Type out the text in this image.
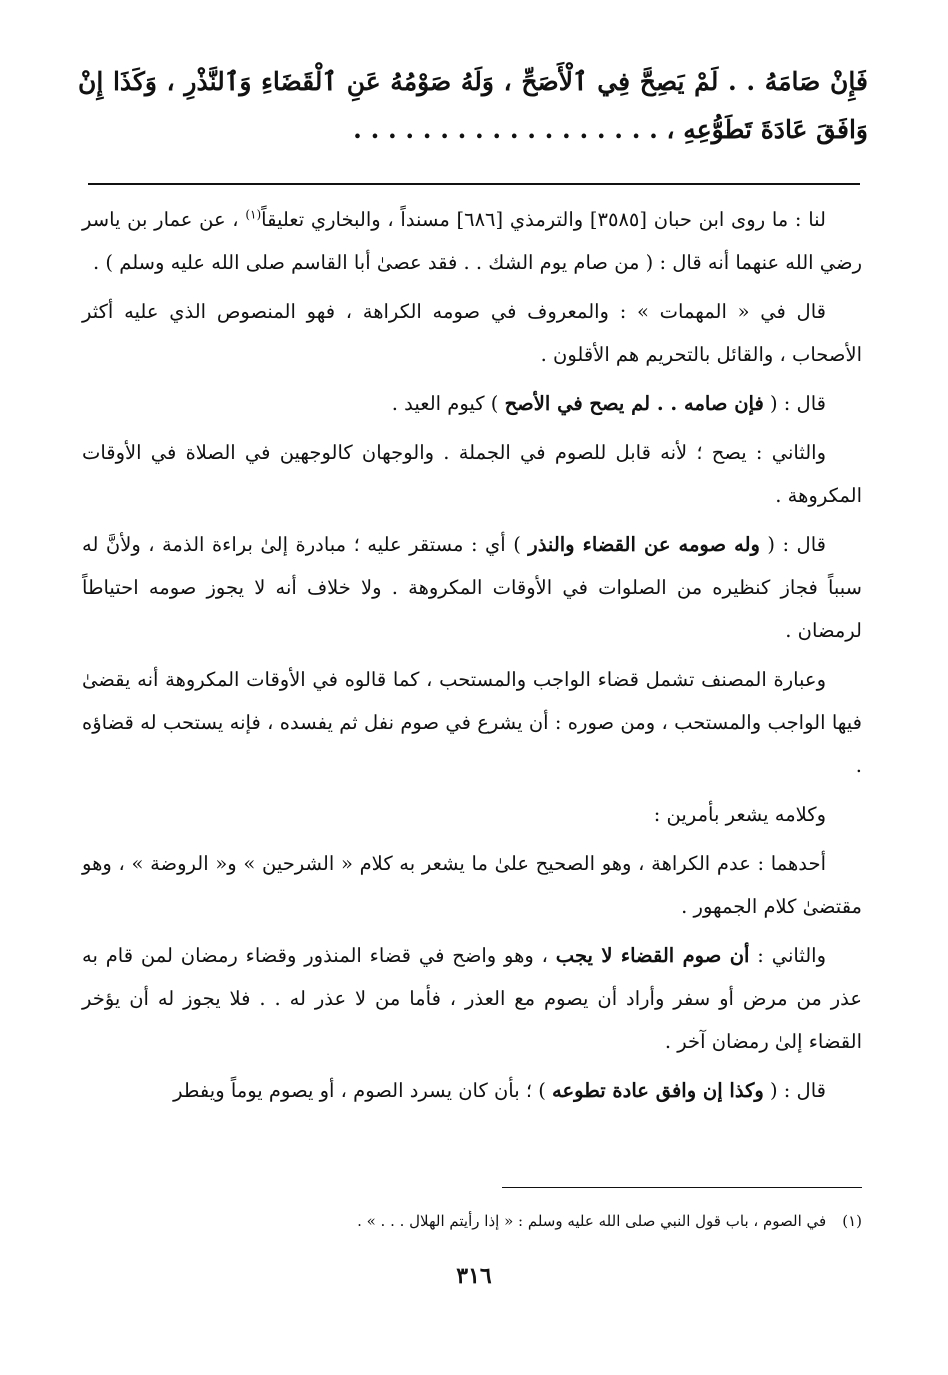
فَإِنْ صَامَهُ . . لَمْ يَصِحَّ فِي ٱلْأَصَحِّ ، وَلَهُ صَوْمُهُ عَنِ ٱلْقَضَاءِ وَٱلنَّذْرِ ، وَكَذَا إِنْ وَافَقَ عَادَةَ تَطَوُّعِهِ ، . . . . . . . . . . . . . . . . . .

لنا : ما روى ابن حبان [٣٥٨٥] والترمذي [٦٨٦] مسنداً ، والبخاري تعليقاً$^{(١)}$ ، عن عمار بن ياسر رضي الله عنهما أنه قال : ( من صام يوم الشك . . فقد عصىٰ أبا القاسم صلى الله عليه وسلم ) .

قال في « المهمات » : والمعروف في صومه الكراهة ، فهو المنصوص الذي عليه أكثر الأصحاب ، والقائل بالتحريم هم الأقلون .

قال : ( فإن صامه . . لم يصح في الأصح ) كيوم العيد .

والثاني : يصح ؛ لأنه قابل للصوم في الجملة . والوجهان كالوجهين في الصلاة في الأوقات المكروهة .

قال : ( وله صومه عن القضاء والنذر ) أي : مستقر عليه ؛ مبادرة إلىٰ براءة الذمة ، ولأنَّ له سبباً فجاز كنظيره من الصلوات في الأوقات المكروهة . ولا خلاف أنه لا يجوز صومه احتياطاً لرمضان .

وعبارة المصنف تشمل قضاء الواجب والمستحب ، كما قالوه في الأوقات المكروهة أنه يقضىٰ فيها الواجب والمستحب ، ومن صوره : أن يشرع في صوم نفل ثم يفسده ، فإنه يستحب له قضاؤه .

وكلامه يشعر بأمرين :

أحدهما : عدم الكراهة ، وهو الصحيح علىٰ ما يشعر به كلام « الشرحين » و« الروضة » ، وهو مقتضىٰ كلام الجمهور .

والثاني : أن صوم القضاء لا يجب ، وهو واضح في قضاء المنذور وقضاء رمضان لمن قام به عذر من مرض أو سفر وأراد أن يصوم مع العذر ، فأما من لا عذر له . . فلا يجوز له أن يؤخر القضاء إلىٰ رمضان آخر .

قال : ( وكذا إن وافق عادة تطوعه ) ؛ بأن كان يسرد الصوم ، أو يصوم يوماً ويفطر

(١)في الصوم ، باب قول النبي صلى الله عليه وسلم : « إذا رأيتم الهلال . . . » .
٣١٦
